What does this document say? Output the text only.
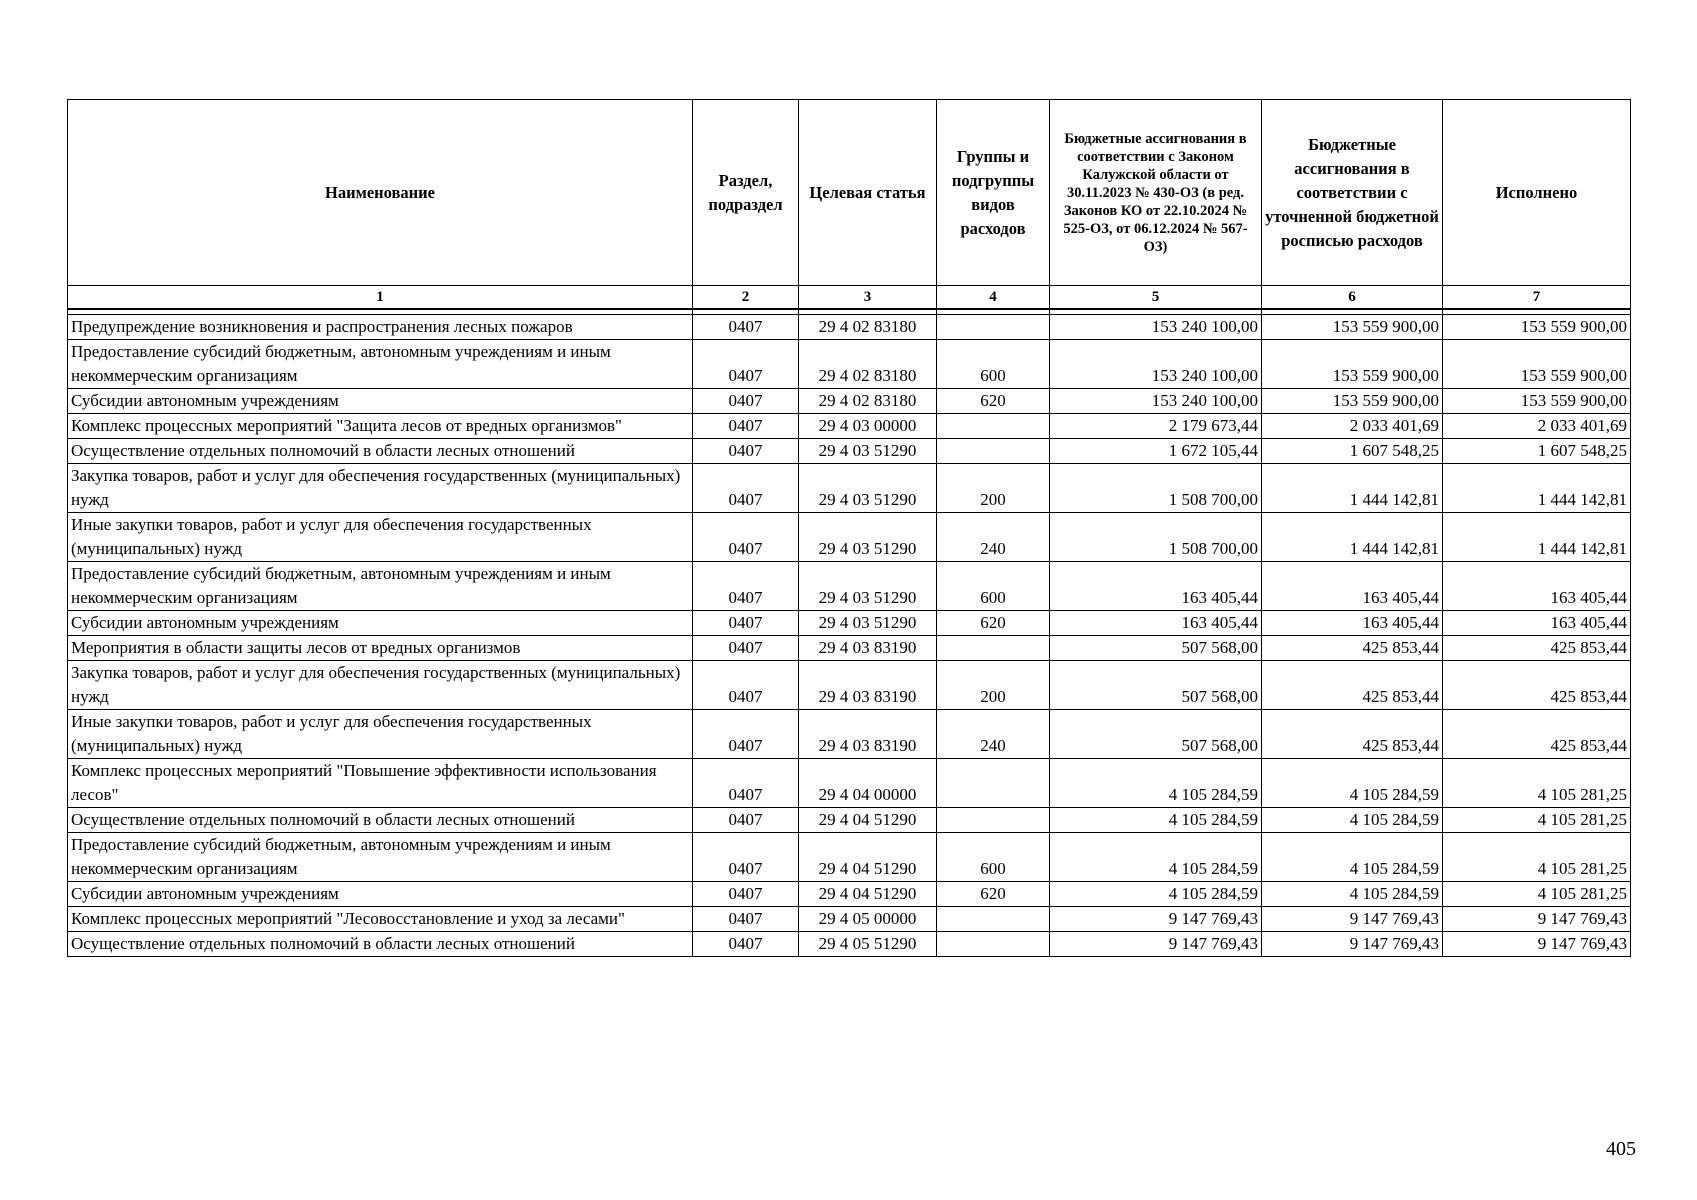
Наименование	Раздел, подраздел	Целевая статья	Группы и подгруппы видов расходов	Бюджетные ассигнования в соответствии с Законом Калужской области от 30.11.2023 № 430-ОЗ (в ред. Законов КО от 22.10.2024 № 525-ОЗ, от 06.12.2024 № 567-ОЗ)	Бюджетные ассигнования в соответствии с уточненной бюджетной росписью расходов	Исполнено
1	2	3	4	5	6	7

Предупреждение возникновения и распространения лесных пожаров	0407	29 4 02 83180		153 240 100,00	153 559 900,00	153 559 900,00
Предоставление субсидий бюджетным, автономным учреждениям и иным некоммерческим организациям	0407	29 4 02 83180	600	153 240 100,00	153 559 900,00	153 559 900,00
Субсидии автономным учреждениям	0407	29 4 02 83180	620	153 240 100,00	153 559 900,00	153 559 900,00
Комплекс процессных мероприятий "Защита лесов от вредных организмов"	0407	29 4 03 00000		2 179 673,44	2 033 401,69	2 033 401,69
Осуществление отдельных полномочий в области лесных отношений	0407	29 4 03 51290		1 672 105,44	1 607 548,25	1 607 548,25
Закупка товаров, работ и услуг для обеспечения государственных (муниципальных) нужд	0407	29 4 03 51290	200	1 508 700,00	1 444 142,81	1 444 142,81
Иные закупки товаров, работ и услуг для обеспечения государственных (муниципальных) нужд	0407	29 4 03 51290	240	1 508 700,00	1 444 142,81	1 444 142,81
Предоставление субсидий бюджетным, автономным учреждениям и иным некоммерческим организациям	0407	29 4 03 51290	600	163 405,44	163 405,44	163 405,44
Субсидии автономным учреждениям	0407	29 4 03 51290	620	163 405,44	163 405,44	163 405,44
Мероприятия в области защиты лесов от вредных организмов	0407	29 4 03 83190		507 568,00	425 853,44	425 853,44
Закупка товаров, работ и услуг для обеспечения государственных (муниципальных) нужд	0407	29 4 03 83190	200	507 568,00	425 853,44	425 853,44
Иные закупки товаров, работ и услуг для обеспечения государственных (муниципальных) нужд	0407	29 4 03 83190	240	507 568,00	425 853,44	425 853,44
Комплекс процессных мероприятий "Повышение эффективности использования лесов"	0407	29 4 04 00000		4 105 284,59	4 105 284,59	4 105 281,25
Осуществление отдельных полномочий в области лесных отношений	0407	29 4 04 51290		4 105 284,59	4 105 284,59	4 105 281,25
Предоставление субсидий бюджетным, автономным учреждениям и иным некоммерческим организациям	0407	29 4 04 51290	600	4 105 284,59	4 105 284,59	4 105 281,25
Субсидии автономным учреждениям	0407	29 4 04 51290	620	4 105 284,59	4 105 284,59	4 105 281,25
Комплекс процессных мероприятий "Лесовосстановление и уход за лесами"	0407	29 4 05 00000		9 147 769,43	9 147 769,43	9 147 769,43
Осуществление отдельных полномочий в области лесных отношений	0407	29 4 05 51290		9 147 769,43	9 147 769,43	9 147 769,43
405
